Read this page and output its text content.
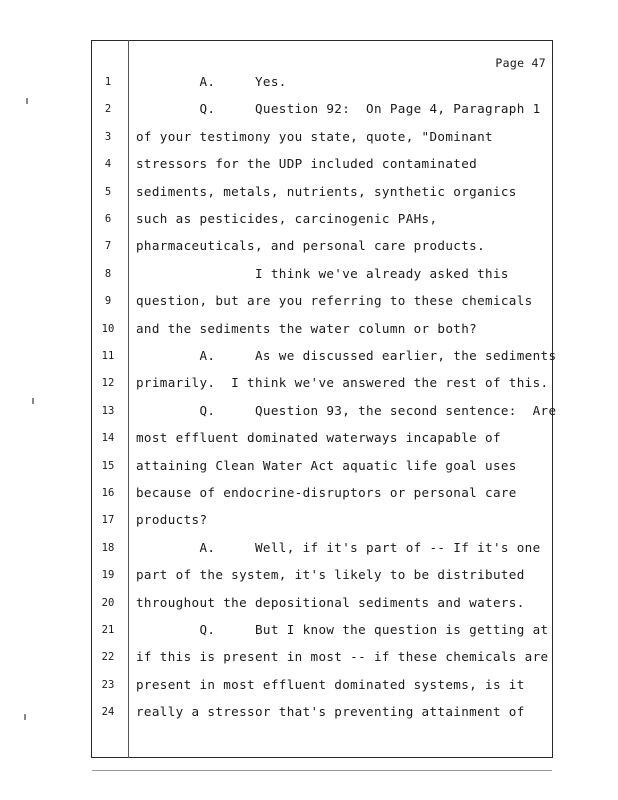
Page 47
1	A.     Yes.
2	Q.     Question 92:  On Page 4, Paragraph 1
3	of your testimony you state, quote, "Dominant
4	stressors for the UDP included contaminated
5	sediments, metals, nutrients, synthetic organics
6	such as pesticides, carcinogenic PAHs,
7	pharmaceuticals, and personal care products.
8	I think we've already asked this
9	question, but are you referring to these chemicals
10	and the sediments the water column or both?
11	A.     As we discussed earlier, the sediments
12	primarily.  I think we've answered the rest of this.
13	Q.     Question 93, the second sentence:  Are
14	most effluent dominated waterways incapable of
15	attaining Clean Water Act aquatic life goal uses
16	because of endocrine-disruptors or personal care
17	products?
18	A.     Well, if it's part of -- If it's one
19	part of the system, it's likely to be distributed
20	throughout the depositional sediments and waters.
21	Q.     But I know the question is getting at
22	if this is present in most -- if these chemicals are
23	present in most effluent dominated systems, is it
24	really a stressor that's preventing attainment of
